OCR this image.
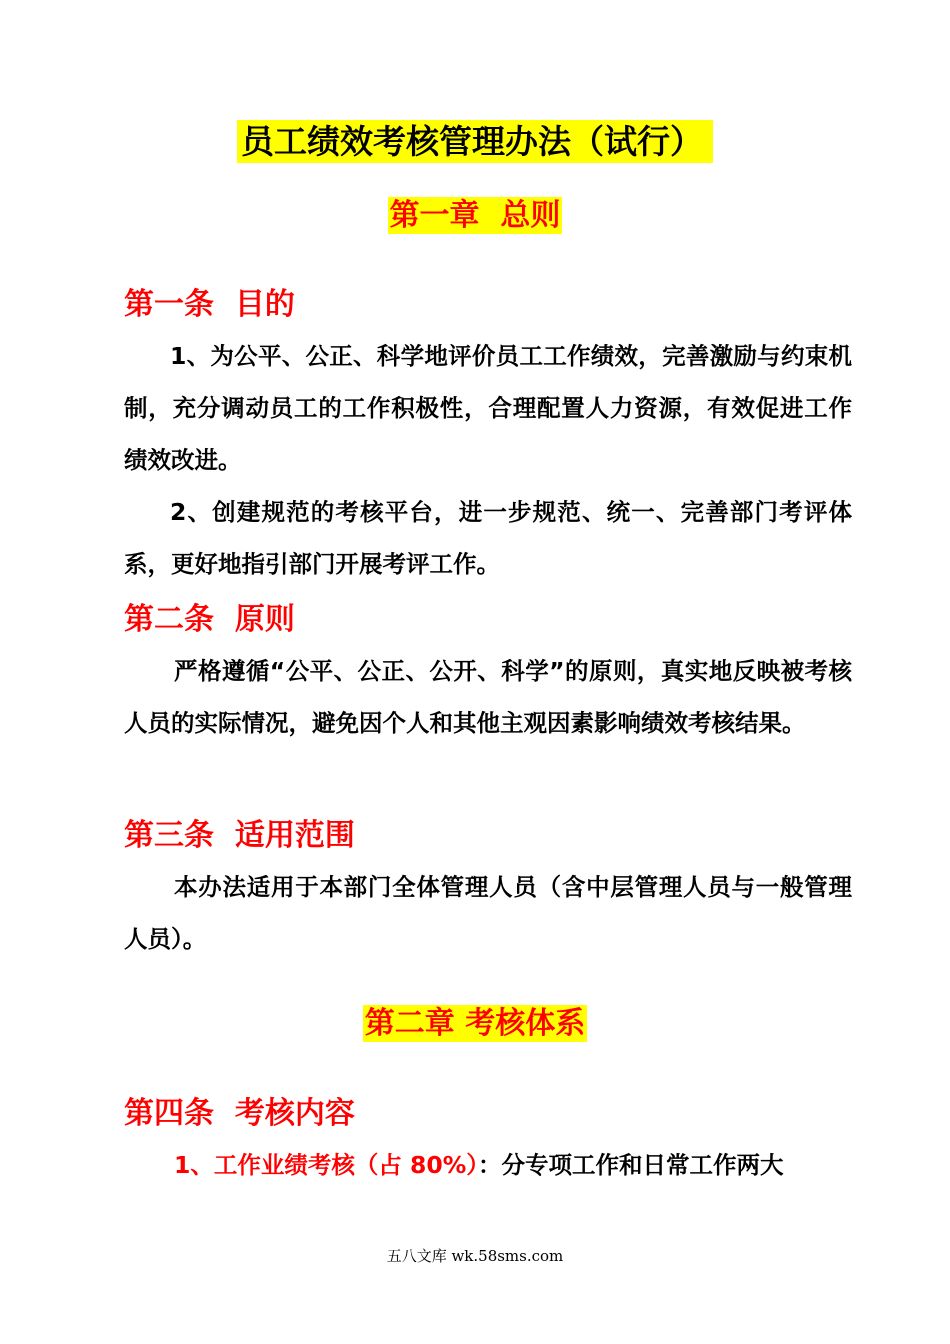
员工绩效考核管理办法（试行）
第一章  总则
第一条  目的
1、为公平、公正、科学地评价员工工作绩效，完善激励与约束机制，充分调动员工的工作积极性，合理配置人力资源，有效促进工作绩效改进。
2、创建规范的考核平台，进一步规范、统一、完善部门考评体系，更好地指引部门开展考评工作。
第二条  原则
严格遵循“公平、公正、公开、科学”的原则，真实地反映被考核人员的实际情况，避免因个人和其他主观因素影响绩效考核结果。
第三条  适用范围
本办法适用于本部门全体管理人员（含中层管理人员与一般管理人员）。
第二章 考核体系
第四条  考核内容
1、工作业绩考核（占 80%）：分专项工作和日常工作两大
五八文库 wk.58sms.com
